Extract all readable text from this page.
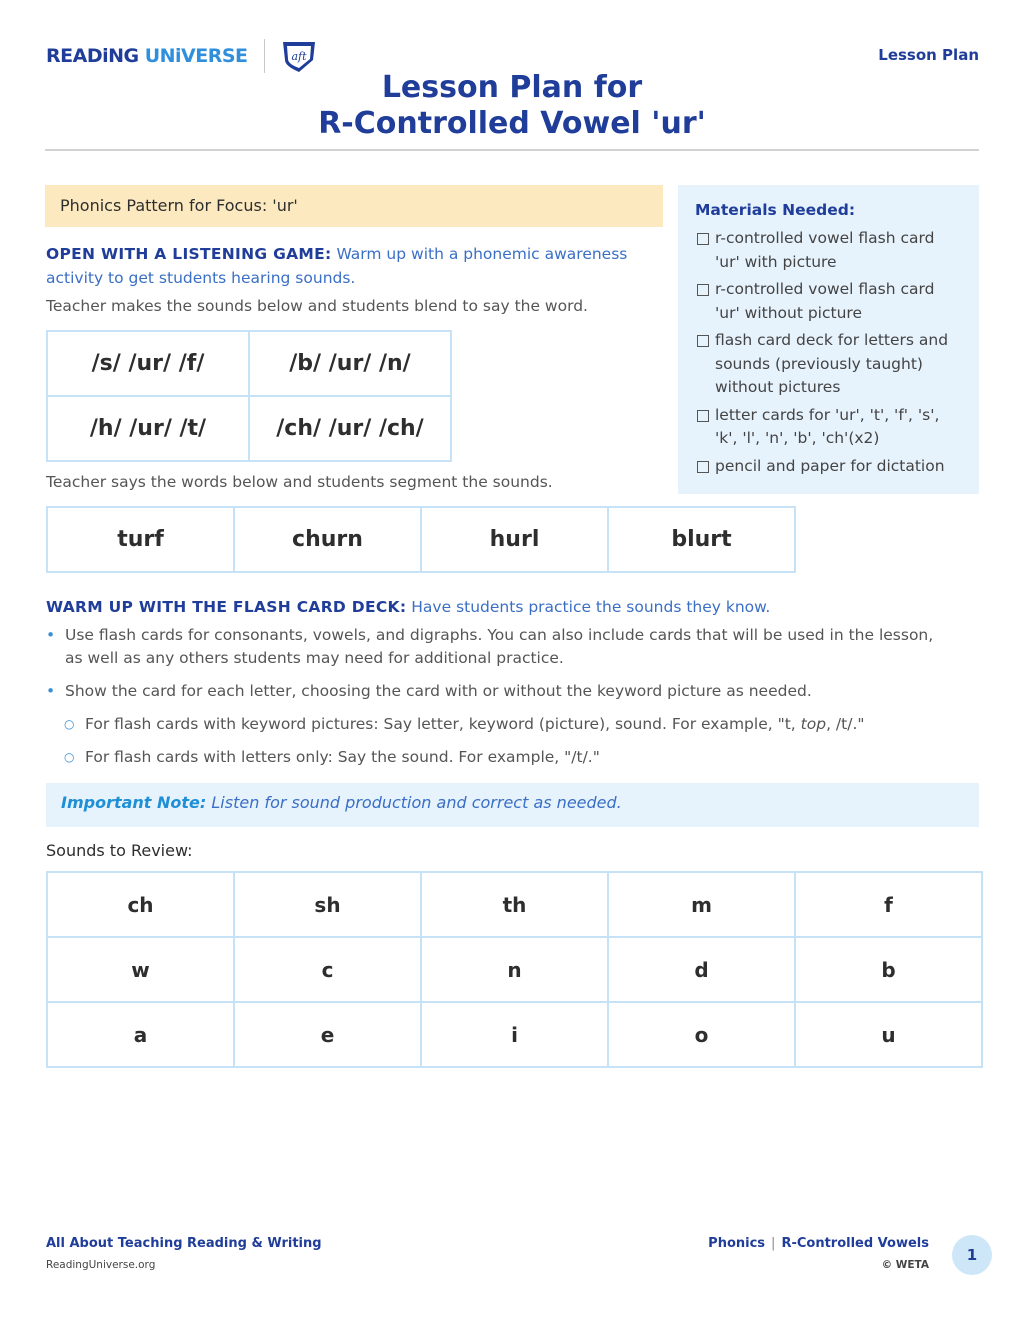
READiNG UNiVERSE	aft	Lesson Plan
Lesson Plan for
R-Controlled Vowel 'ur'
Phonics Pattern for Focus: 'ur'	Materials Needed:
r-controlled vowel flash card 'ur' with picture
r-controlled vowel flash card 'ur' without picture
flash card deck for letters and sounds (previously taught) without pictures
letter cards for 'ur', 't', 'f', 's', 'k', 'l', 'n', 'b', 'ch'(x2)
pencil and paper for dictation
OPEN WITH A LISTENING GAME: Warm up with a phonemic awareness activity to get students hearing sounds.
Teacher makes the sounds below and students blend to say the word.
/s/ /ur/ /f/	/b/ /ur/ /n/
/h/ /ur/ /t/	/ch/ /ur/ /ch/
Teacher says the words below and students segment the sounds.
turf	churn	hurl	blurt
WARM UP WITH THE FLASH CARD DECK: Have students practice the sounds they know.
• Use flash cards for consonants, vowels, and digraphs. You can also include cards that will be used in the lesson, as well as any others students may need for additional practice.
• Show the card for each letter, choosing the card with or without the keyword picture as needed.
○ For flash cards with keyword pictures: Say letter, keyword (picture), sound. For example, "t, top, /t/."
○ For flash cards with letters only: Say the sound. For example, "/t/."
Important Note: Listen for sound production and correct as needed.
Sounds to Review:
ch	sh	th	m	f
w	c	n	d	b
a	e	i	o	u
All About Teaching Reading & Writing
ReadingUniverse.org
Phonics | R-Controlled Vowels
© WETA
1
